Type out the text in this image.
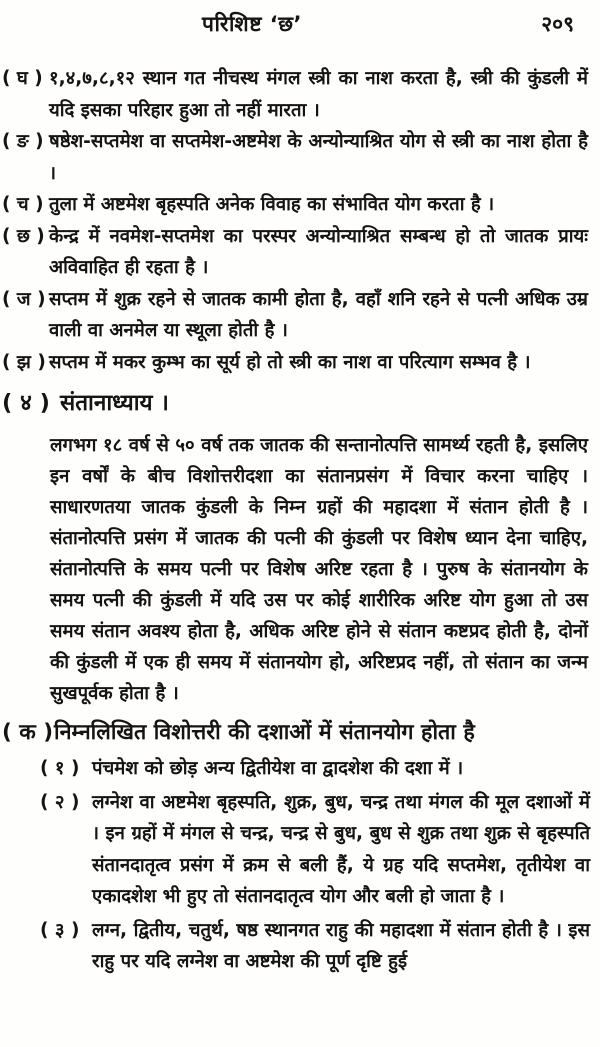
परिशिष्ट ‘छ’	२०९
( घ ) १,४,७,८,१२ स्थान गत नीचस्थ मंगल स्त्री का नाश करता है, स्त्री की कुंडली में यदि इसका परिहार हुआ तो नहीं मारता ।
( ङ ) षष्ठेश-सप्तमेश वा सप्तमेश-अष्टमेश के अन्योन्याश्रित योग से स्त्री का नाश होता है ।
( च ) तुला में अष्टमेश बृहस्पति अनेक विवाह का संभावित योग करता है ।
( छ ) केन्द्र में नवमेश-सप्तमेश का परस्पर अन्योन्याश्रित सम्बन्ध हो तो जातक प्रायः अविवाहित ही रहता है ।
( ज ) सप्तम में शुक्र रहने से जातक कामी होता है, वहाँ शनि रहने से पत्नी अधिक उम्र वाली वा अनमेल या स्थूला होती है ।
( झ ) सप्तम में मकर कुम्भ का सूर्य हो तो स्त्री का नाश वा परित्याग सम्भव है ।
( ४ ) संतानाध्याय ।

लगभग १८ वर्ष से ५० वर्ष तक जातक की सन्तानोत्पत्ति सामर्थ्य रहती है, इसलिए इन वर्षों के बीच विशोत्तरीदशा का संतानप्रसंग में विचार करना चाहिए । साधारणतया जातक कुंडली के निम्न ग्रहों की महादशा में संतान होती है । संतानोत्पत्ति प्रसंग में जातक की पत्नी की कुंडली पर विशेष ध्यान देना चाहिए, संतानोत्पत्ति के समय पत्नी पर विशेष अरिष्ट रहता है । पुरुष के संतानयोग के समय पत्नी की कुंडली में यदि उस पर कोई शारीरिक अरिष्ट योग हुआ तो उस समय संतान अवश्य होता है, अधिक अरिष्ट होने से संतान कष्टप्रद होती है, दोनों की कुंडली में एक ही समय में संतानयोग हो, अरिष्टप्रद नहीं, तो संतान का जन्म सुखपूर्वक होता है ।

( क ) निम्नलिखित विशोत्तरी की दशाओं में संतानयोग होता है
( १ ) पंचमेश को छोड़ अन्य द्वितीयेश वा द्वादशेश की दशा में ।
( २ ) लग्नेश वा अष्टमेश बृहस्पति, शुक्र, बुध, चन्द्र तथा मंगल की मूल दशाओं में । इन ग्रहों में मंगल से चन्द्र, चन्द्र से बुध, बुध से शुक्र तथा शुक्र से बृहस्पति संतानदातृत्व प्रसंग में क्रम से बली हैं, ये ग्रह यदि सप्तमेश, तृतीयेश वा एकादशेश भी हुए तो संतानदातृत्व योग और बली हो जाता है ।
( ३ ) लग्न, द्वितीय, चतुर्थ, षष्ठ स्थानगत राहु की महादशा में संतान होती है । इस राहु पर यदि लग्नेश वा अष्टमेश की पूर्ण दृष्टि हुई
